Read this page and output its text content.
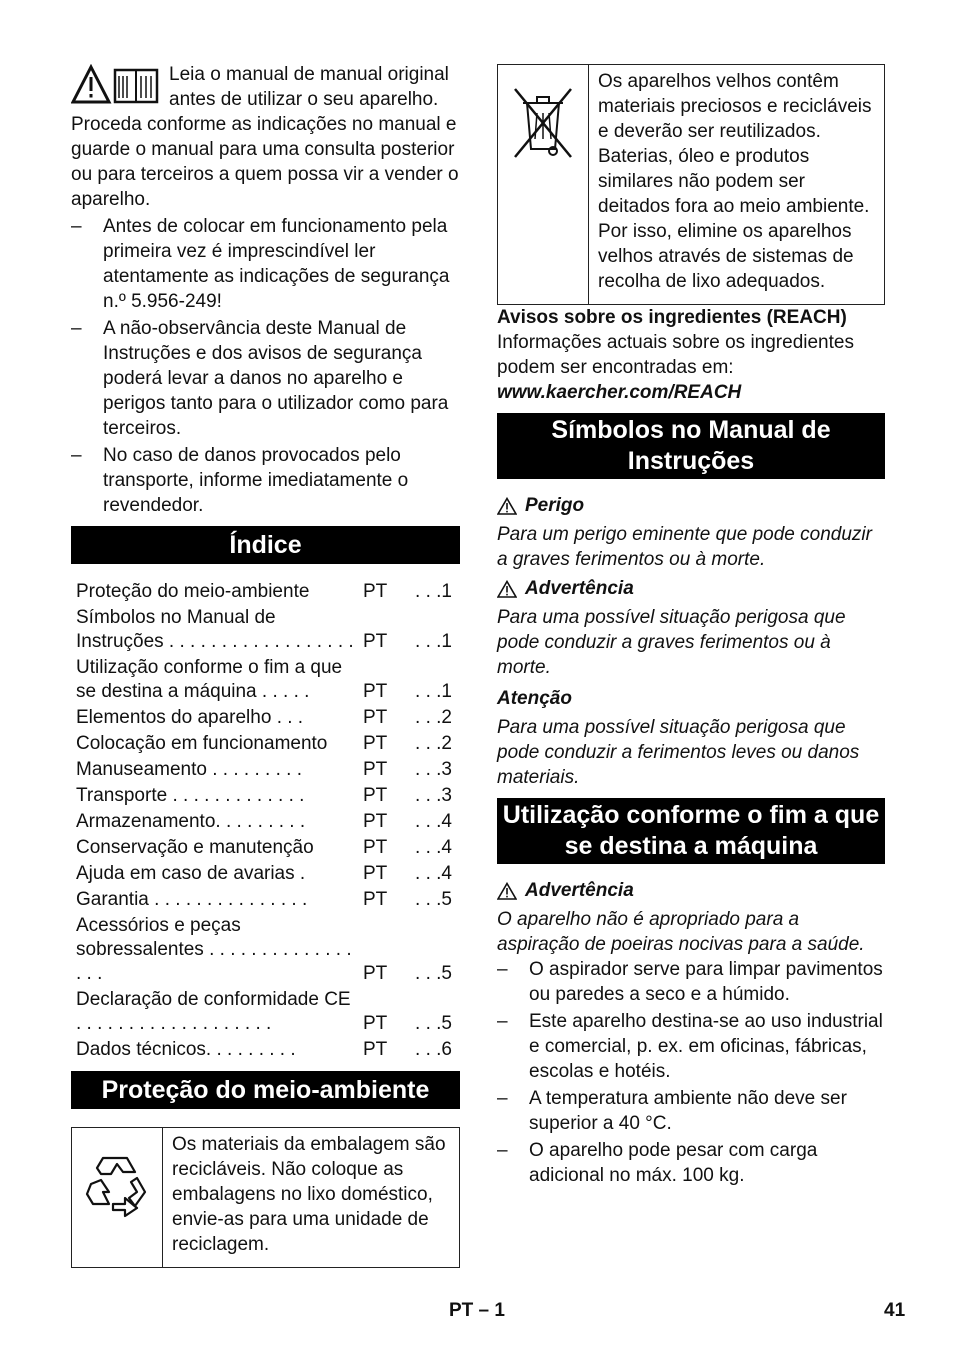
Leia o manual de manual original antes de utilizar o seu aparelho. Proceda conforme as indicações no manual e guarde o manual para uma consulta posterior ou para terceiros a quem possa vir a vender o aparelho.

– Antes de colocar em funcionamento pela primeira vez é imprescindível ler atentamente as indicações de segurança n.º 5.956-249!
– A não-observância deste Manual de Instruções e dos avisos de segurança poderá levar a danos no aparelho e perigos tanto para o utilizador como para terceiros.
– No caso de danos provocados pelo transporte, informe imediatamente o revendedor.
Índice
Proteção do meio-ambiente	PT	. . .1
Símbolos no Manual de Instruções . . . . . . . . . . . . . . . . . .	PT	. . .1
Utilização conforme o fim a que se destina a máquina . . . . .	PT	. . .1
Elementos do aparelho . . .	PT	. . .2
Colocação em funcionamento	PT	. . .2
Manuseamento . . . . . . . . .	PT	. . .3
Transporte . . . . . . . . . . . . .	PT	. . .3
Armazenamento. . . . . . . . .	PT	. . .4
Conservação e manutenção	PT	. . .4
Ajuda em caso de avarias .	PT	. . .4
Garantia . . . . . . . . . . . . . . .	PT	. . .5
Acessórios e peças sobressalentes . . . . . . . . . . . . . . . . .	PT	. . .5
Declaração de conformidade CE . . . . . . . . . . . . . . . . . . .	PT	. . .5
Dados técnicos. . . . . . . . .	PT	. . .6
Proteção do meio-ambiente
Os materiais da embalagem são recicláveis. Não coloque as embalagens no lixo doméstico, envie-as para uma unidade de reciclagem.
Os aparelhos velhos contêm materiais preciosos e recicláveis e deverão ser reutilizados. Baterias, óleo e produtos similares não podem ser deitados fora ao meio ambiente. Por isso, elimine os aparelhos velhos através de sistemas de recolha de lixo adequados.

Avisos sobre os ingredientes (REACH)

Informações actuais sobre os ingredientes podem ser encontradas em:

www.kaercher.com/REACH

Símbolos no Manual de Instruções
Perigo

Para um perigo eminente que pode conduzir a graves ferimentos ou à morte.

Advertência

Para uma possível situação perigosa que pode conduzir a graves ferimentos ou à morte.

Atenção

Para uma possível situação perigosa que pode conduzir a ferimentos leves ou danos materiais.

Utilização conforme o fim a que se destina a máquina
Advertência

O aparelho não é apropriado para a aspiração de poeiras nocivas para a saúde.

– O aspirador serve para limpar pavimentos ou paredes a seco e a húmido.
– Este aparelho destina-se ao uso industrial e comercial, p. ex. em oficinas, fábricas, escolas e hotéis.
– A temperatura ambiente não deve ser superior a 40 °C.
– O aparelho pode pesar com carga adicional no máx. 100 kg.
PT – 1	41
